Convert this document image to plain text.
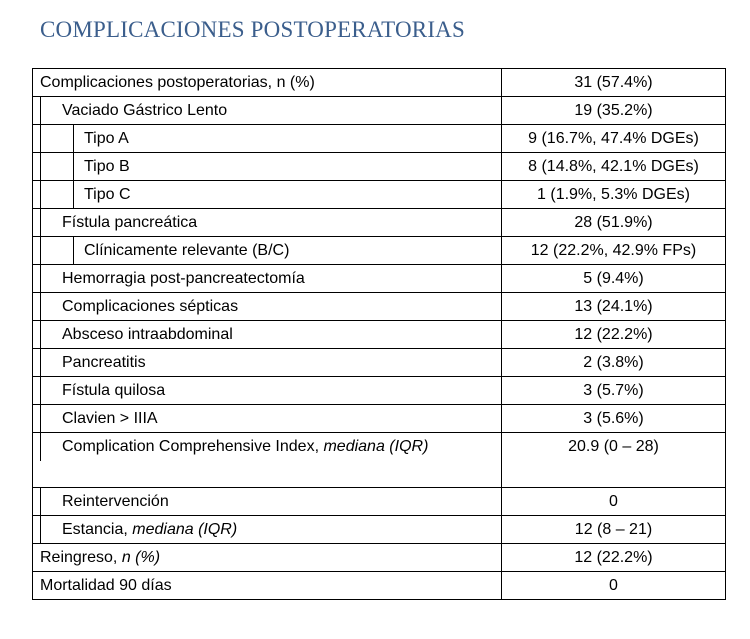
COMPLICACIONES POSTOPERATORIAS
Complicaciones postoperatorias, n (%)	31 (57.4%)

Vaciado Gástrico Lento	19 (35.2%)

Tipo A	9 (16.7%, 47.4% DGEs)

Tipo B	8 (14.8%, 42.1% DGEs)

Tipo C	1 (1.9%, 5.3% DGEs)

Fístula pancreática	28 (51.9%)

Clínicamente relevante (B/C)	12 (22.2%, 42.9% FPs)

Hemorragia post-pancreatectomía	5 (9.4%)

Complicaciones sépticas	13 (24.1%)

Absceso intraabdominal	12 (22.2%)

Pancreatitis	2 (3.8%)

Fístula quilosa	3 (5.7%)

Clavien > IIIA	3 (5.6%)

Complication Comprehensive Index, mediana (IQR)	20.9 (0 – 28)

Reintervención	0

Estancia, mediana (IQR)	12 (8 – 21)

Reingreso, n (%)	12 (22.2%)

Mortalidad 90 días	0
